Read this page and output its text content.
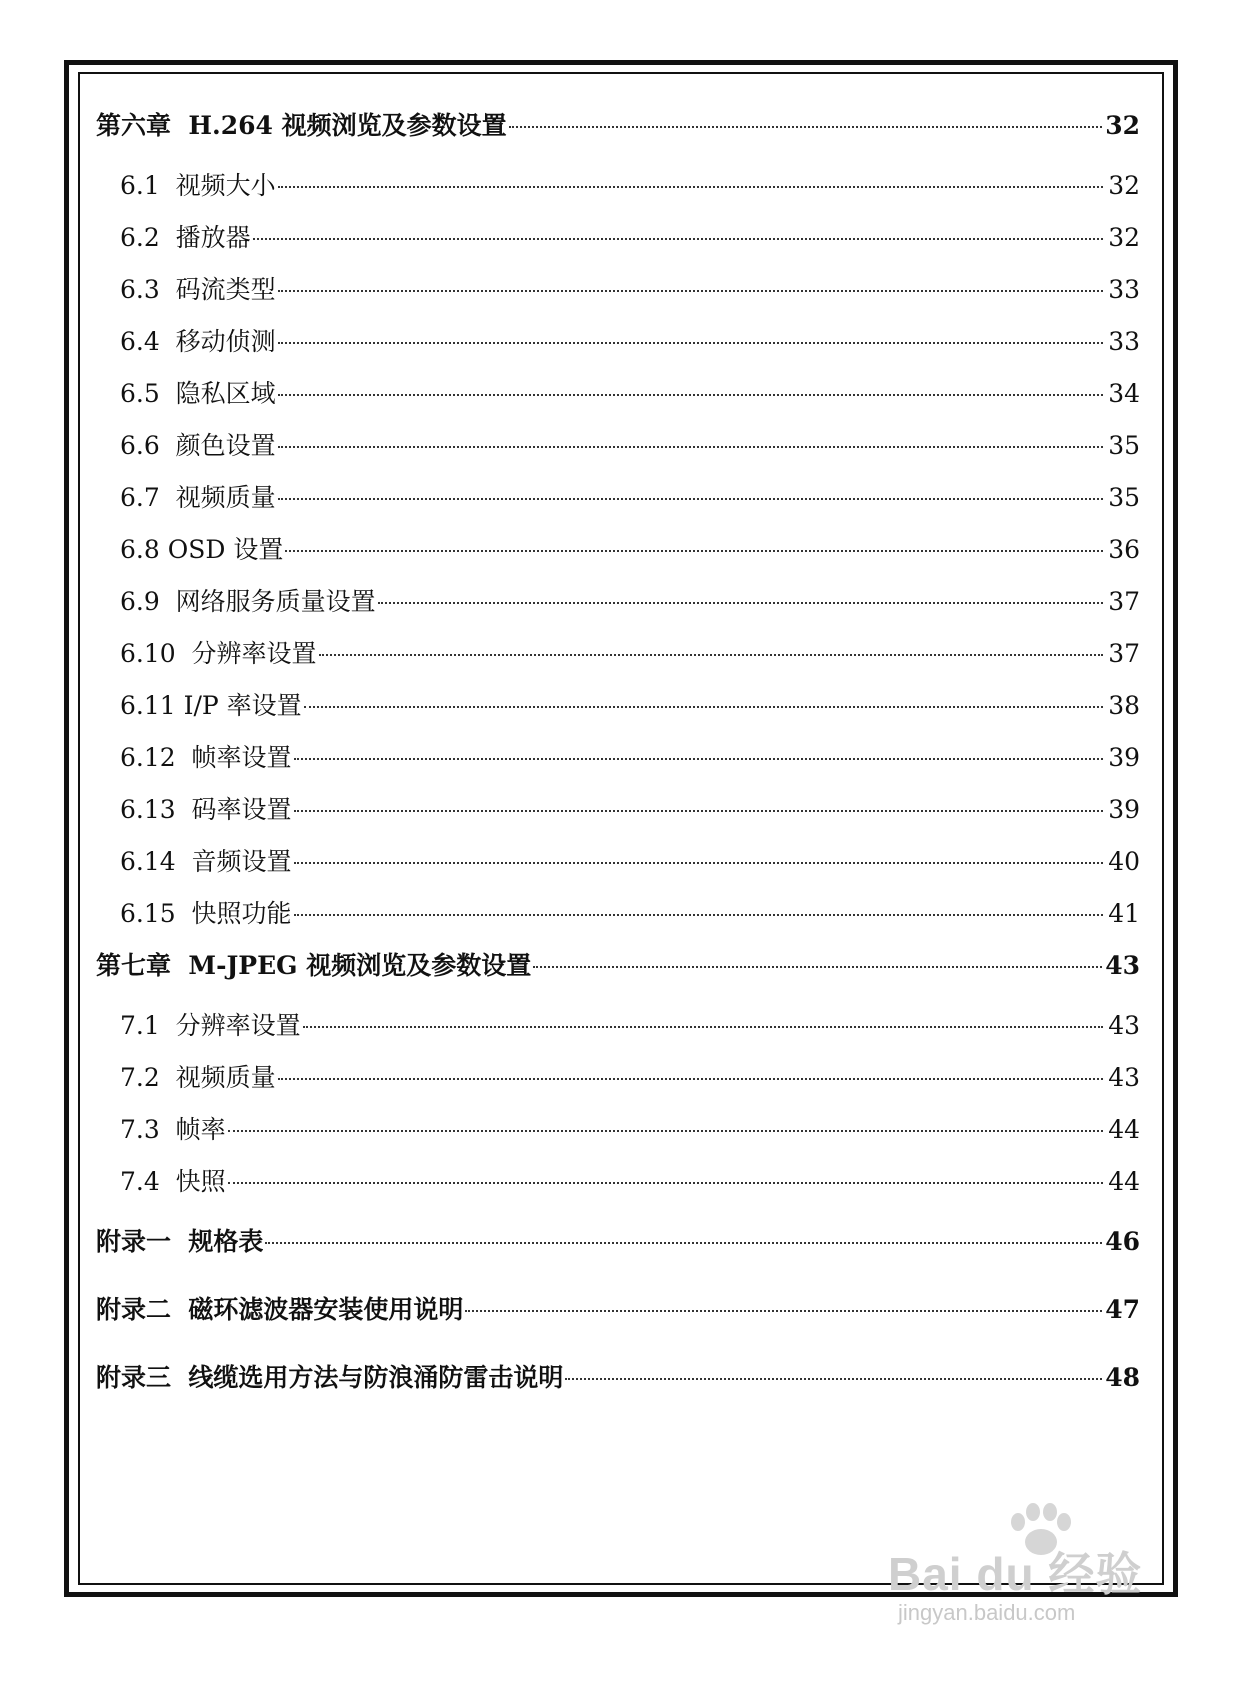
第六章  H.264 视频浏览及参数设置	32
6.1  视频大小	32
6.2  播放器	32
6.3  码流类型	33
6.4  移动侦测	33
6.5  隐私区域	34
6.6  颜色设置	35
6.7  视频质量	35
6.8 OSD 设置	36
6.9  网络服务质量设置	37
6.10  分辨率设置	37
6.11 I/P 率设置	38
6.12  帧率设置	39
6.13  码率设置	39
6.14  音频设置	40
6.15  快照功能	41
第七章  M-JPEG 视频浏览及参数设置	43
7.1  分辨率设置	43
7.2  视频质量	43
7.3  帧率	44
7.4  快照	44
附录一  规格表	46
附录二  磁环滤波器安装使用说明	47
附录三  线缆选用方法与防浪涌防雷击说明	48
Bai du 经验
jingyan.baidu.com
